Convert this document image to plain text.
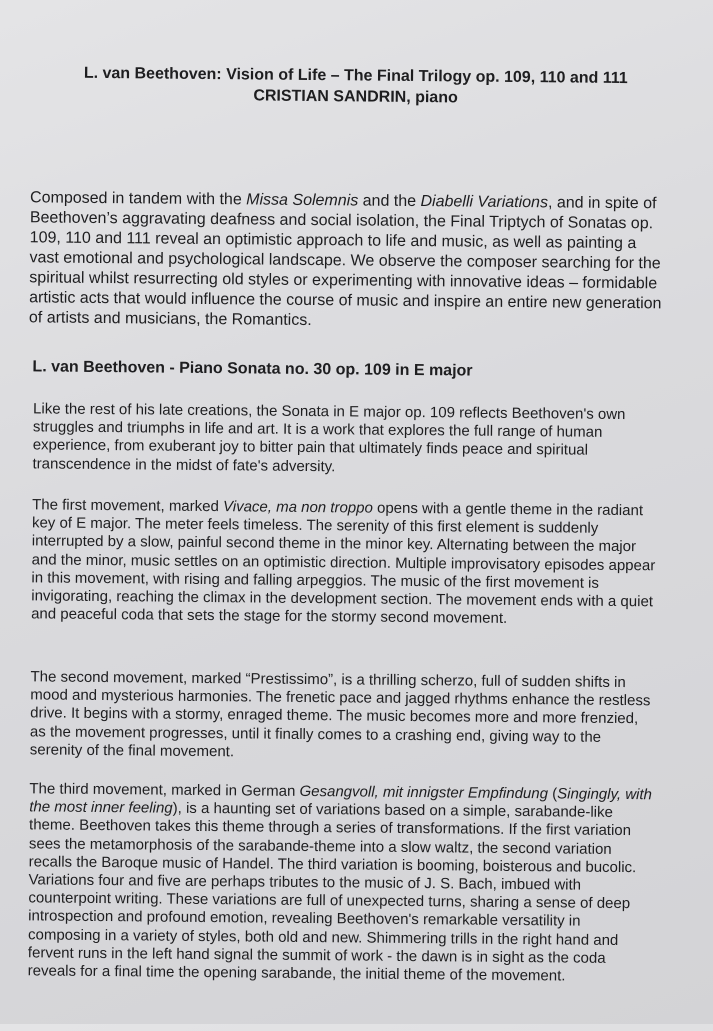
L. van Beethoven: Vision of Life – The Final Trilogy op. 109, 110 and 111
CRISTIAN SANDRIN, piano

Composed in tandem with the Missa Solemnis and the Diabelli Variations, and in spite of Beethoven’s aggravating deafness and social isolation, the Final Triptych of Sonatas op. 109, 110 and 111 reveal an optimistic approach to life and music, as well as painting a vast emotional and psychological landscape. We observe the composer searching for the spiritual whilst resurrecting old styles or experimenting with innovative ideas – formidable artistic acts that would influence the course of music and inspire an entire new generation of artists and musicians, the Romantics.

L. van Beethoven - Piano Sonata no. 30 op. 109 in E major

Like the rest of his late creations, the Sonata in E major op. 109 reflects Beethoven's own struggles and triumphs in life and art. It is a work that explores the full range of human experience, from exuberant joy to bitter pain that ultimately finds peace and spiritual transcendence in the midst of fate's adversity.

The first movement, marked Vivace, ma non troppo opens with a gentle theme in the radiant key of E major. The meter feels timeless. The serenity of this first element is suddenly interrupted by a slow, painful second theme in the minor key. Alternating between the major and the minor, music settles on an optimistic direction. Multiple improvisatory episodes appear in this movement, with rising and falling arpeggios. The music of the first movement is invigorating, reaching the climax in the development section. The movement ends with a quiet and peaceful coda that sets the stage for the stormy second movement.

The second movement, marked “Prestissimo”, is a thrilling scherzo, full of sudden shifts in mood and mysterious harmonies. The frenetic pace and jagged rhythms enhance the restless drive. It begins with a stormy, enraged theme. The music becomes more and more frenzied, as the movement progresses, until it finally comes to a crashing end, giving way to the serenity of the final movement.

The third movement, marked in German Gesangvoll, mit innigster Empfindung (Singingly, with the most inner feeling), is a haunting set of variations based on a simple, sarabande-like theme. Beethoven takes this theme through a series of transformations. If the first variation sees the metamorphosis of the sarabande-theme into a slow waltz, the second variation recalls the Baroque music of Handel. The third variation is booming, boisterous and bucolic. Variations four and five are perhaps tributes to the music of J. S. Bach, imbued with counterpoint writing. These variations are full of unexpected turns, sharing a sense of deep introspection and profound emotion, revealing Beethoven's remarkable versatility in composing in a variety of styles, both old and new. Shimmering trills in the right hand and fervent runs in the left hand signal the summit of work - the dawn is in sight as the coda reveals for a final time the opening sarabande, the initial theme of the movement.
